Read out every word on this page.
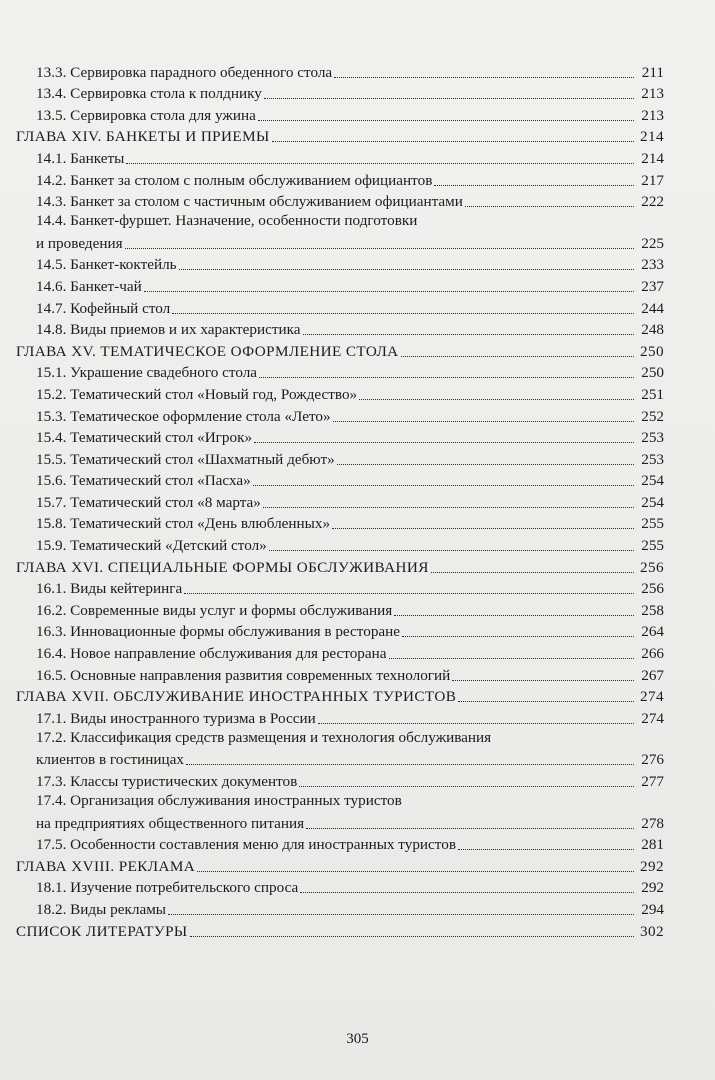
13.3. Сервировка парадного обеденного стола	211
13.4. Сервировка стола к полднику	213
13.5. Сервировка стола для ужина	213
ГЛАВА XIV. БАНКЕТЫ И ПРИЕМЫ	214
14.1. Банкеты	214
14.2. Банкет за столом с полным обслуживанием официантов	217
14.3. Банкет за столом с частичным обслуживанием официантами	222
14.4. Банкет-фуршет. Назначение, особенности подготовки
и проведения	225
14.5. Банкет-коктейль	233
14.6. Банкет-чай	237
14.7. Кофейный стол	244
14.8. Виды приемов и их характеристика	248
ГЛАВА XV. ТЕМАТИЧЕСКОЕ ОФОРМЛЕНИЕ СТОЛА	250
15.1. Украшение свадебного стола	250
15.2. Тематический стол «Новый год, Рождество»	251
15.3. Тематическое оформление стола «Лето»	252
15.4. Тематический стол «Игрок»	253
15.5. Тематический стол «Шахматный дебют»	253
15.6. Тематический стол «Пасха»	254
15.7. Тематический стол «8 марта»	254
15.8. Тематический стол «День влюбленных»	255
15.9. Тематический «Детский стол»	255
ГЛАВА XVI. СПЕЦИАЛЬНЫЕ ФОРМЫ ОБСЛУЖИВАНИЯ	256
16.1. Виды кейтеринга	256
16.2. Современные виды услуг и формы обслуживания	258
16.3. Инновационные формы обслуживания в ресторане	264
16.4. Новое направление обслуживания для ресторана	266
16.5. Основные направления развития современных технологий	267
ГЛАВА XVII. ОБСЛУЖИВАНИЕ ИНОСТРАННЫХ ТУРИСТОВ	274
17.1. Виды иностранного туризма в России	274
17.2. Классификация средств размещения и технология обслуживания
клиентов в гостиницах	276
17.3. Классы туристических документов	277
17.4. Организация обслуживания иностранных туристов
на предприятиях общественного питания	278
17.5. Особенности составления меню для иностранных туристов	281
ГЛАВА XVIII. РЕКЛАМА	292
18.1. Изучение потребительского спроса	292
18.2. Виды рекламы	294
СПИСОК ЛИТЕРАТУРЫ	302
305
